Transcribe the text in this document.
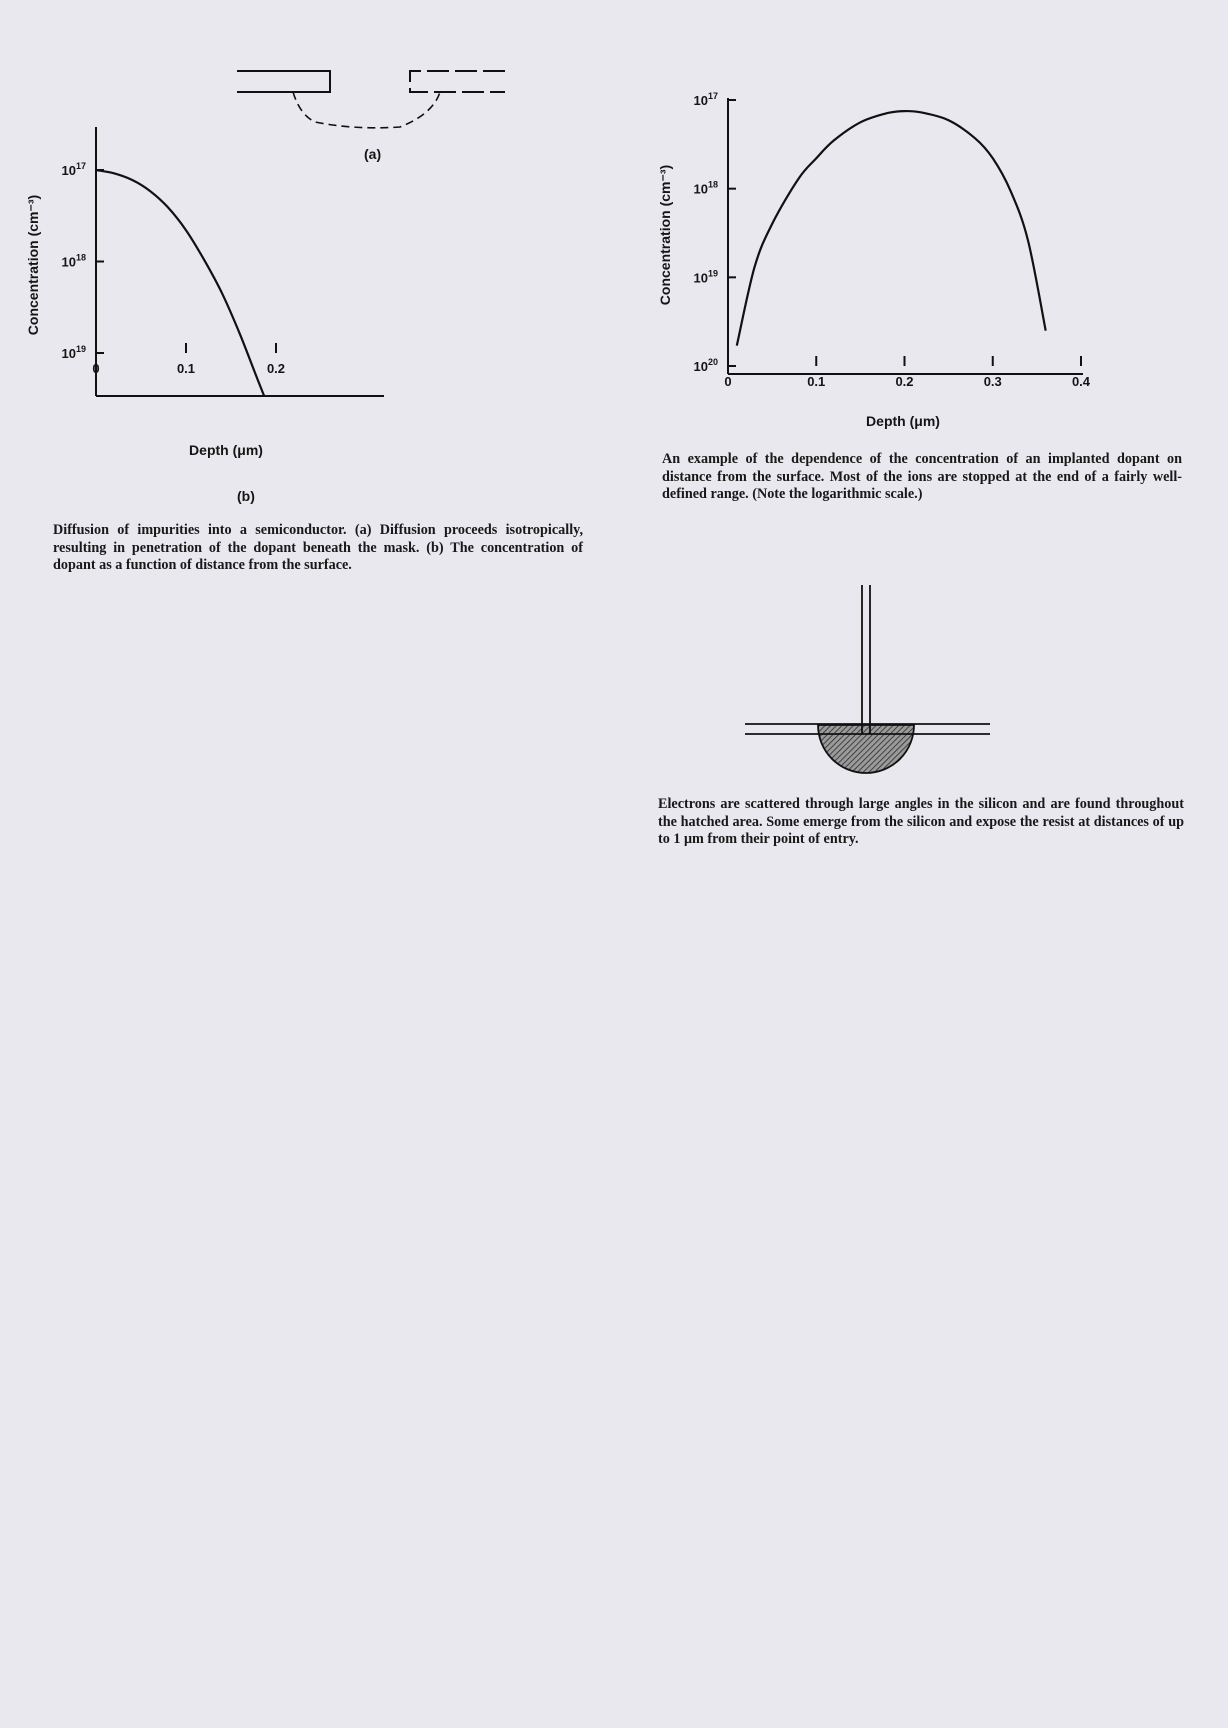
(a)
$10^{19}$
$10^{18}$
$10^{17}$
0	0.1	0.2
Concentration (cm⁻³)
Depth (μm)
(b)
$10^{20}$
$10^{19}$
$10^{18}$
$10^{17}$
0	0.1	0.2	0.3	0.4
Concentration (cm⁻³)
Depth (μm)

Diffusion of impurities into a semiconductor. (a) Diffusion proceeds isotropically, resulting in penetration of the dopant beneath the mask. (b) The concentration of dopant as a function of distance from the surface.

An example of the dependence of the concentration of an implanted dopant on distance from the surface. Most of the ions are stopped at the end of a fairly well-defined range. (Note the logarithmic scale.)

Electrons are scattered through large angles in the silicon and are found throughout the hatched area. Some emerge from the silicon and expose the resist at distances of up to 1 μm from their point of entry.
